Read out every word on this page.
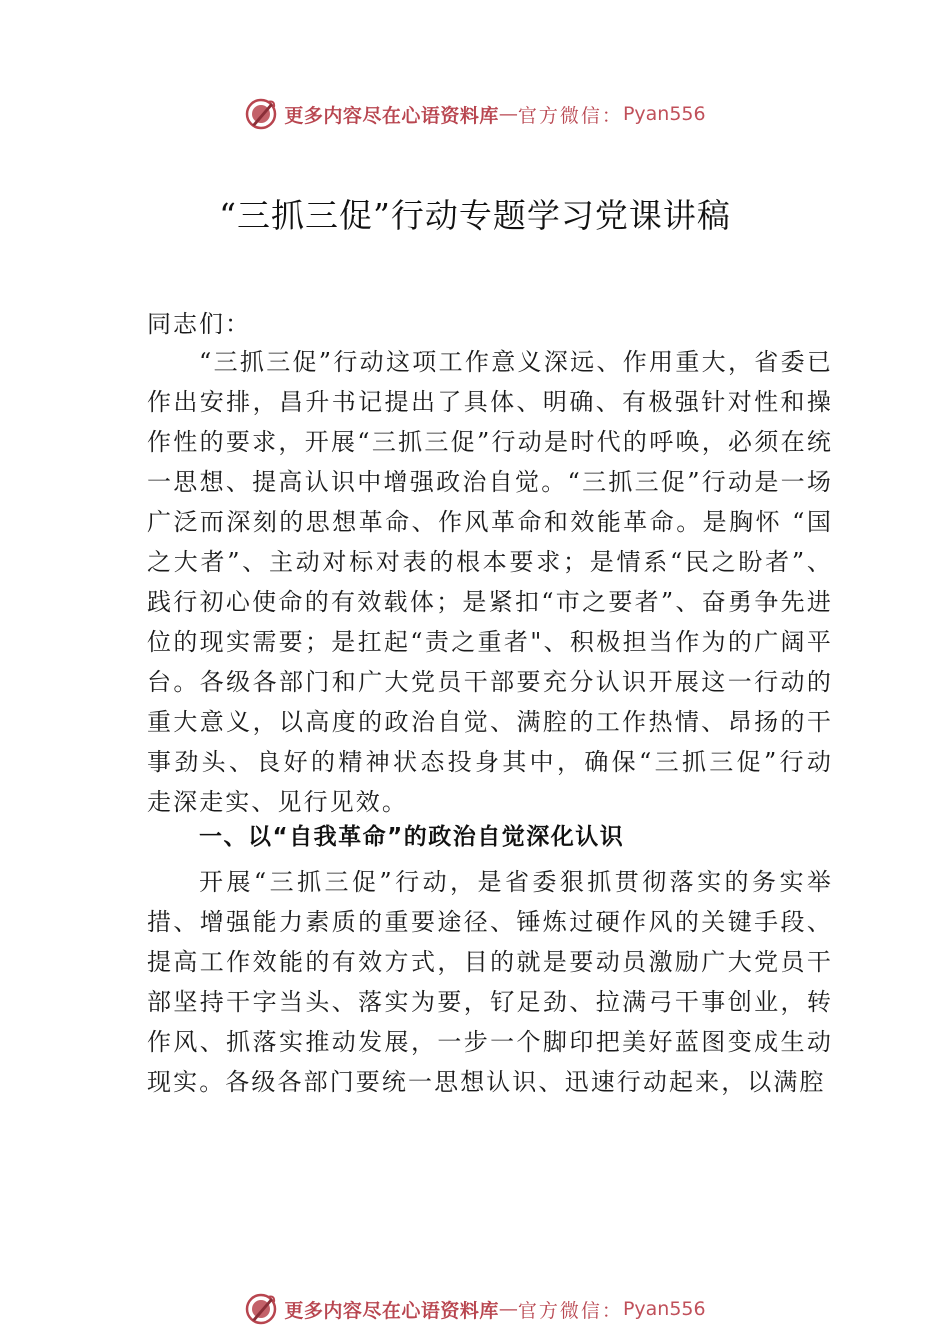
更多内容尽在心语资料库 — 官方微信： Pyan556
“三抓三促”行动专题学习党课讲稿
同志们：
“三抓三促”行动这项工作意义深远、作用重大，省委已作出安排，昌升书记提出了具体、明确、有极强针对性和操作性的要求，开展“三抓三促”行动是时代的呼唤，必须在统一思想、提高认识中增强政治自觉。“三抓三促”行动是一场广泛而深刻的思想革命、作风革命和效能革命。是胸怀 “国之大者”、主动对标对表的根本要求；是情系“民之盼者”、践行初心使命的有效载体；是紧扣“市之要者”、奋勇争先进 位的现实需要；是扛起“责之重者"、积极担当作为的广阔平 台。各级各部门和广大党员干部要充分认识开展这一行动的 重大意义，以高度的政治自觉、满腔的工作热情、昂扬的干 事劲头、良好的精神状态投身其中，确保“三抓三促”行动 走深走实、见行见效。
一、以“自我革命”的政治自觉深化认识
开展“三抓三促”行动，是省委狠抓贯彻落实的务实举措、增强能力素质的重要途径、锤炼过硬作风的关键手段、 提高工作效能的有效方式，目的就是要动员激励广大党员干部坚持干字当头、落实为要，钌足劲、拉满弓干事创业，转作风、抓落实推动发展，一步一个脚印把美好蓝图变成生动现实。各级各部门要统一思想认识、迅速行动起来，以满腔
更多内容尽在心语资料库 — 官方微信： Pyan556
